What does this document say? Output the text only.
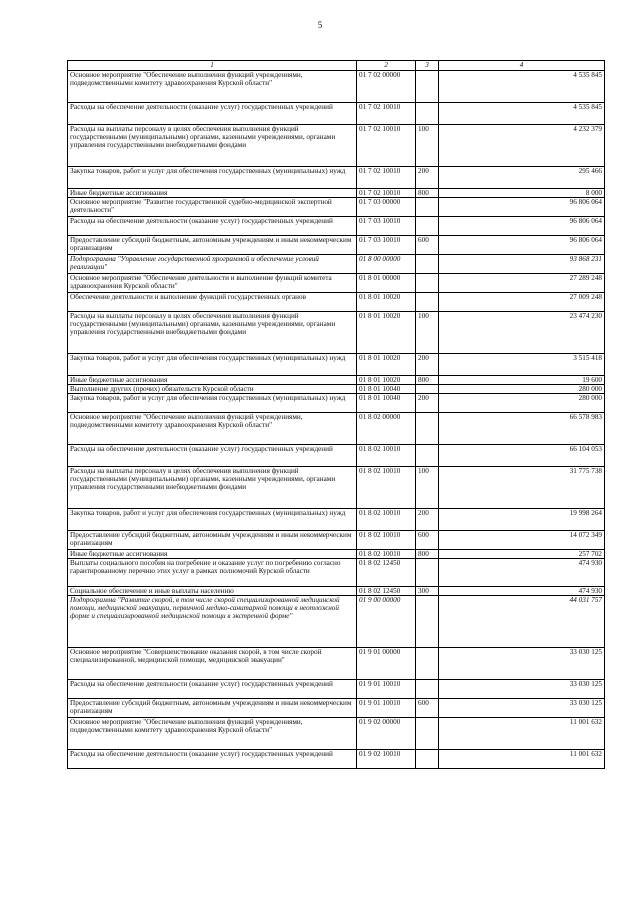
5
1	2	3	4
Основное мероприятие "Обеспечение выполнения функций учреждениями, подведомственными комитету здравоохранения Курской области"	01 7 02 00000		4 535 845
Расходы на обеспечение деятельности (оказание услуг) государственных учреждений	01 7 02 10010		4 535 845
Расходы на выплаты персоналу в целях обеспечения выполнения функций государственными (муниципальными) органами, казенными учреждениями, органами управления государственными внебюджетными фондами	01 7 02 10010	100	4 232 379
Закупка товаров, работ и услуг для обеспечения государственных (муниципальных) нужд	01 7 02 10010	200	295 466
Иные бюджетные ассигнования	01 7 02 10010	800	8 000
Основное мероприятие "Развитие государственной судебно-медицинской экспертной деятельности"	01 7 03 00000		96 806 064
Расходы на обеспечение деятельности (оказание услуг) государственных учреждений	01 7 03 10010		96 806 064
Предоставление субсидий бюджетным, автономным учреждениям и иным некоммерческим организациям	01 7 03 10010	600	96 806 064
Подпрограмма "Управление государственной программой и обеспечение условий реализации"	01 8 00 00000		93 868 231
Основное мероприятие "Обеспечение деятельности и выполнение функций комитета здравоохранения Курской области"	01 8 01 00000		27 289 248
Обеспечение деятельности и выполнение функций государственных органов	01 8 01 10020		27 009 248
Расходы на выплаты персоналу в целях обеспечения выполнения функций государственными (муниципальными) органами, казенными учреждениями, органами управления государственными внебюджетными фондами	01 8 01 10020	100	23 474 230
Закупка товаров, работ и услуг для обеспечения государственных (муниципальных) нужд	01 8 01 10020	200	3 515 418
Иные бюджетные ассигнования	01 8 01 10020	800	19 600
Выполнение других (прочих) обязательств Курской области	01 8 01 10040		280 000
Закупка товаров, работ и услуг для обеспечения государственных (муниципальных) нужд	01 8 01 10040	200	280 000
Основное мероприятие "Обеспечение выполнения функций учреждениями, подведомственными комитету здравоохранения Курской области"	01 8 02 00000		66 578 983
Расходы на обеспечение деятельности (оказание услуг) государственных учреждений	01 8 02 10010		66 104 053
Расходы на выплаты персоналу в целях обеспечения выполнения функций государственными (муниципальными) органами, казенными учреждениями, органами управления государственными внебюджетными фондами	01 8 02 10010	100	31 775 738
Закупка товаров, работ и услуг для обеспечения государственных (муниципальных) нужд	01 8 02 10010	200	19 998 264
Предоставление субсидий бюджетным, автономным учреждениям и иным некоммерческим организациям	01 8 02 10010	600	14 072 349
Иные бюджетные ассигнования	01 8 02 10010	800	257 702
Выплаты социального пособия на погребение и оказание услуг по погребению согласно гарантированному перечню этих услуг в рамках полномочий Курской области	01 8 02 12450		474 930
Социальное обеспечение и иные выплаты населению	01 8 02 12450	300	474 930
Подпрограмма "Развитие скорой, в том числе скорой специализированной медицинской помощи, медицинской эвакуации, первичной медико-санитарной помощи в неотложной форме и специализированной медицинской помощи в экстренной форме"	01 9 00 00000		44 031 757
Основное мероприятие "Совершенствование оказания скорой, в том числе скорой специализированной, медицинской помощи, медицинской эвакуации"	01 9 01 00000		33 030 125
Расходы на обеспечение деятельности (оказание услуг) государственных учреждений	01 9 01 10010		33 030 125
Предоставление субсидий бюджетным, автономным учреждениям и иным некоммерческим организациям	01 9 01 10010	600	33 030 125
Основное мероприятие "Обеспечение выполнения функций учреждениями, подведомственными комитету здравоохранения Курской области"	01 9 02 00000		11 001 632
Расходы на обеспечение деятельности (оказание услуг) государственных учреждений	01 9 02 10010		11 001 632
